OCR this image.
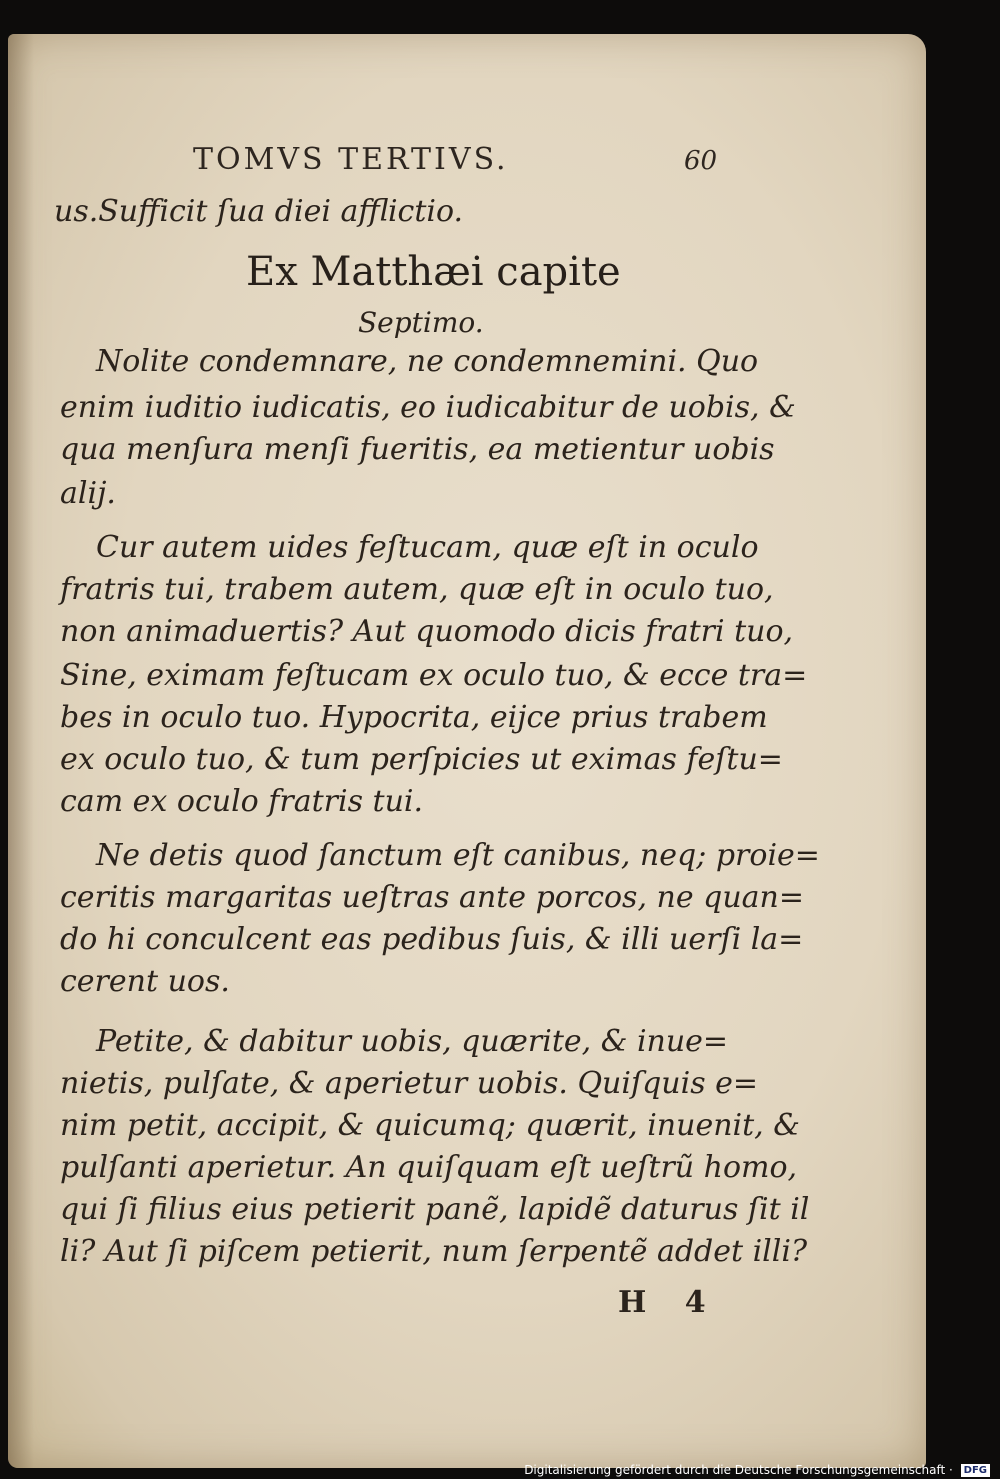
TOMVS TERTIVS.	60
us.Sufficit ſua diei afflictio.
Ex Matthæi capite
Septimo.
Nolite condemnare, ne condemnemini. Quo
enim iuditio iudicatis, eo iudicabitur de uobis, &
qua menſura menſi fueritis, ea metientur uobis
alij.
Cur autem uides feſtucam, quæ eſt in oculo
fratris tui, trabem autem, quæ eſt in oculo tuo,
non animaduertis? Aut quomodo dicis fratri tuo,
Sine, eximam feſtucam ex oculo tuo, & ecce tra=
bes in oculo tuo. Hypocrita, eijce prius trabem
ex oculo tuo, & tum perſpicies ut eximas feſtu=
cam ex oculo fratris tui.
Ne detis quod ſanctum eſt canibus, neq; proie=
ceritis margaritas ueſtras ante porcos, ne quan=
do hi conculcent eas pedibus ſuis, & illi uerſi la=
cerent uos.
Petite, & dabitur uobis, quærite, & inue=
nietis, pulſate, & aperietur uobis. Quiſquis e=
nim petit, accipit, & quicumq; quærit, inuenit, &
pulſanti aperietur. An quiſquam eſt ueſtrũ homo,
qui ſi filius eius petierit panẽ, lapidẽ daturus ſit il
li? Aut ſi piſcem petierit, num ſerpentẽ addet illi?
H 4
Digitalisierung gefördert durch die Deutsche Forschungsgemeinschaft · DFG
